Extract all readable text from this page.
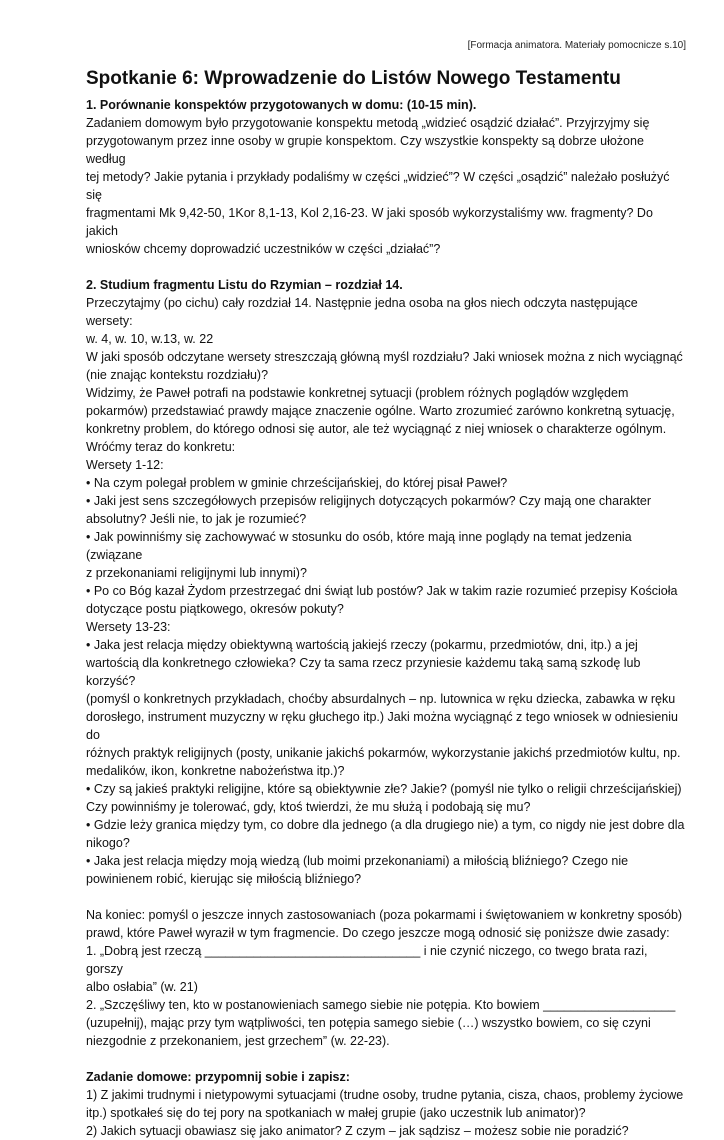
[Formacja animatora. Materiały pomocnicze s.10]
Spotkanie 6: Wprowadzenie do Listów Nowego Testamentu
1. Porównanie konspektów przygotowanych w domu: (10-15 min).

Zadaniem domowym było przygotowanie konspektu metodą „widzieć osądzić działać”. Przyjrzyjmy się

przygotowanym przez inne osoby w grupie konspektom. Czy wszystkie konspekty są dobrze ułożone według

tej metody? Jakie pytania i przykłady podaliśmy w części „widzieć”? W części „osądzić” należało posłużyć się

fragmentami Mk 9,42-50, 1Kor 8,1-13, Kol 2,16-23. W jaki sposób wykorzystaliśmy ww. fragmenty? Do jakich

wniosków chcemy doprowadzić uczestników w części „działać”?

2. Studium fragmentu Listu do Rzymian – rozdział 14.

Przeczytajmy (po cichu) cały rozdział 14. Następnie jedna osoba na głos niech odczyta następujące wersety:

w. 4, w. 10, w.13, w. 22

W jaki sposób odczytane wersety streszczają główną myśl rozdziału? Jaki wniosek można z nich wyciągnąć

(nie znając kontekstu rozdziału)?

Widzimy, że Paweł potrafi na podstawie konkretnej sytuacji (problem różnych poglądów względem

pokarmów) przedstawiać prawdy mające znaczenie ogólne. Warto zrozumieć zarówno konkretną sytuację,

konkretny problem, do którego odnosi się autor, ale też wyciągnąć z niej wniosek o charakterze ogólnym.

Wróćmy teraz do konkretu:

Wersety 1-12:

• Na czym polegał problem w gminie chrześcijańskiej, do której pisał Paweł?

• Jaki jest sens szczegółowych przepisów religijnych dotyczących pokarmów? Czy mają one charakter

absolutny? Jeśli nie, to jak je rozumieć?

• Jak powinniśmy się zachowywać w stosunku do osób, które mają inne poglądy na temat jedzenia (związane

z przekonaniami religijnymi lub innymi)?

• Po co Bóg kazał Żydom przestrzegać dni świąt lub postów? Jak w takim razie rozumieć przepisy Kościoła

dotyczące postu piątkowego, okresów pokuty?

Wersety 13-23:

• Jaka jest relacja między obiektywną wartością jakiejś rzeczy (pokarmu, przedmiotów, dni, itp.) a jej

wartością dla konkretnego człowieka? Czy ta sama rzecz przyniesie każdemu taką samą szkodę lub korzyść?

(pomyśl o konkretnych przykładach, choćby absurdalnych – np. lutownica w ręku dziecka, zabawka w ręku

dorosłego, instrument muzyczny w ręku głuchego itp.) Jaki można wyciągnąć z tego wniosek w odniesieniu do

różnych praktyk religijnych (posty, unikanie jakichś pokarmów, wykorzystanie jakichś przedmiotów kultu, np.

medalików, ikon, konkretne nabożeństwa itp.)?

• Czy są jakieś praktyki religijne, które są obiektywnie złe? Jakie? (pomyśl nie tylko o religii chrześcijańskiej)

Czy powinniśmy je tolerować, gdy, ktoś twierdzi, że mu służą i podobają się mu?

• Gdzie leży granica między tym, co dobre dla jednego (a dla drugiego nie) a tym, co nigdy nie jest dobre dla

nikogo?

• Jaka jest relacja między moją wiedzą (lub moimi przekonaniami) a miłością bliźniego? Czego nie

powinienem robić, kierując się miłością bliźniego?

Na koniec: pomyśl o jeszcze innych zastosowaniach (poza pokarmami i świętowaniem w konkretny sposób)

prawd, które Paweł wyraził w tym fragmencie. Do czego jeszcze mogą odnosić się poniższe dwie zasady:

1. „Dobrą jest rzeczą _______________________________ i nie czynić niczego, co twego brata razi, gorszy

albo osłabia” (w. 21)

2. „Szczęśliwy ten, kto w postanowieniach samego siebie nie potępia. Kto bowiem ___________________

(uzupełnij), mając przy tym wątpliwości, ten potępia samego siebie (…) wszystko bowiem, co się czyni

niezgodnie z przekonaniem, jest grzechem” (w. 22-23).

Zadanie domowe: przypomnij sobie i zapisz:

1) Z jakimi trudnymi i nietypowymi sytuacjami (trudne osoby, trudne pytania, cisza, chaos, problemy życiowe

itp.) spotkałeś się do tej pory na spotkaniach w małej grupie (jako uczestnik lub animator)?

2) Jakich sytuacji obawiasz się jako animator? Z czym – jak sądzisz – możesz sobie nie poradzić?
